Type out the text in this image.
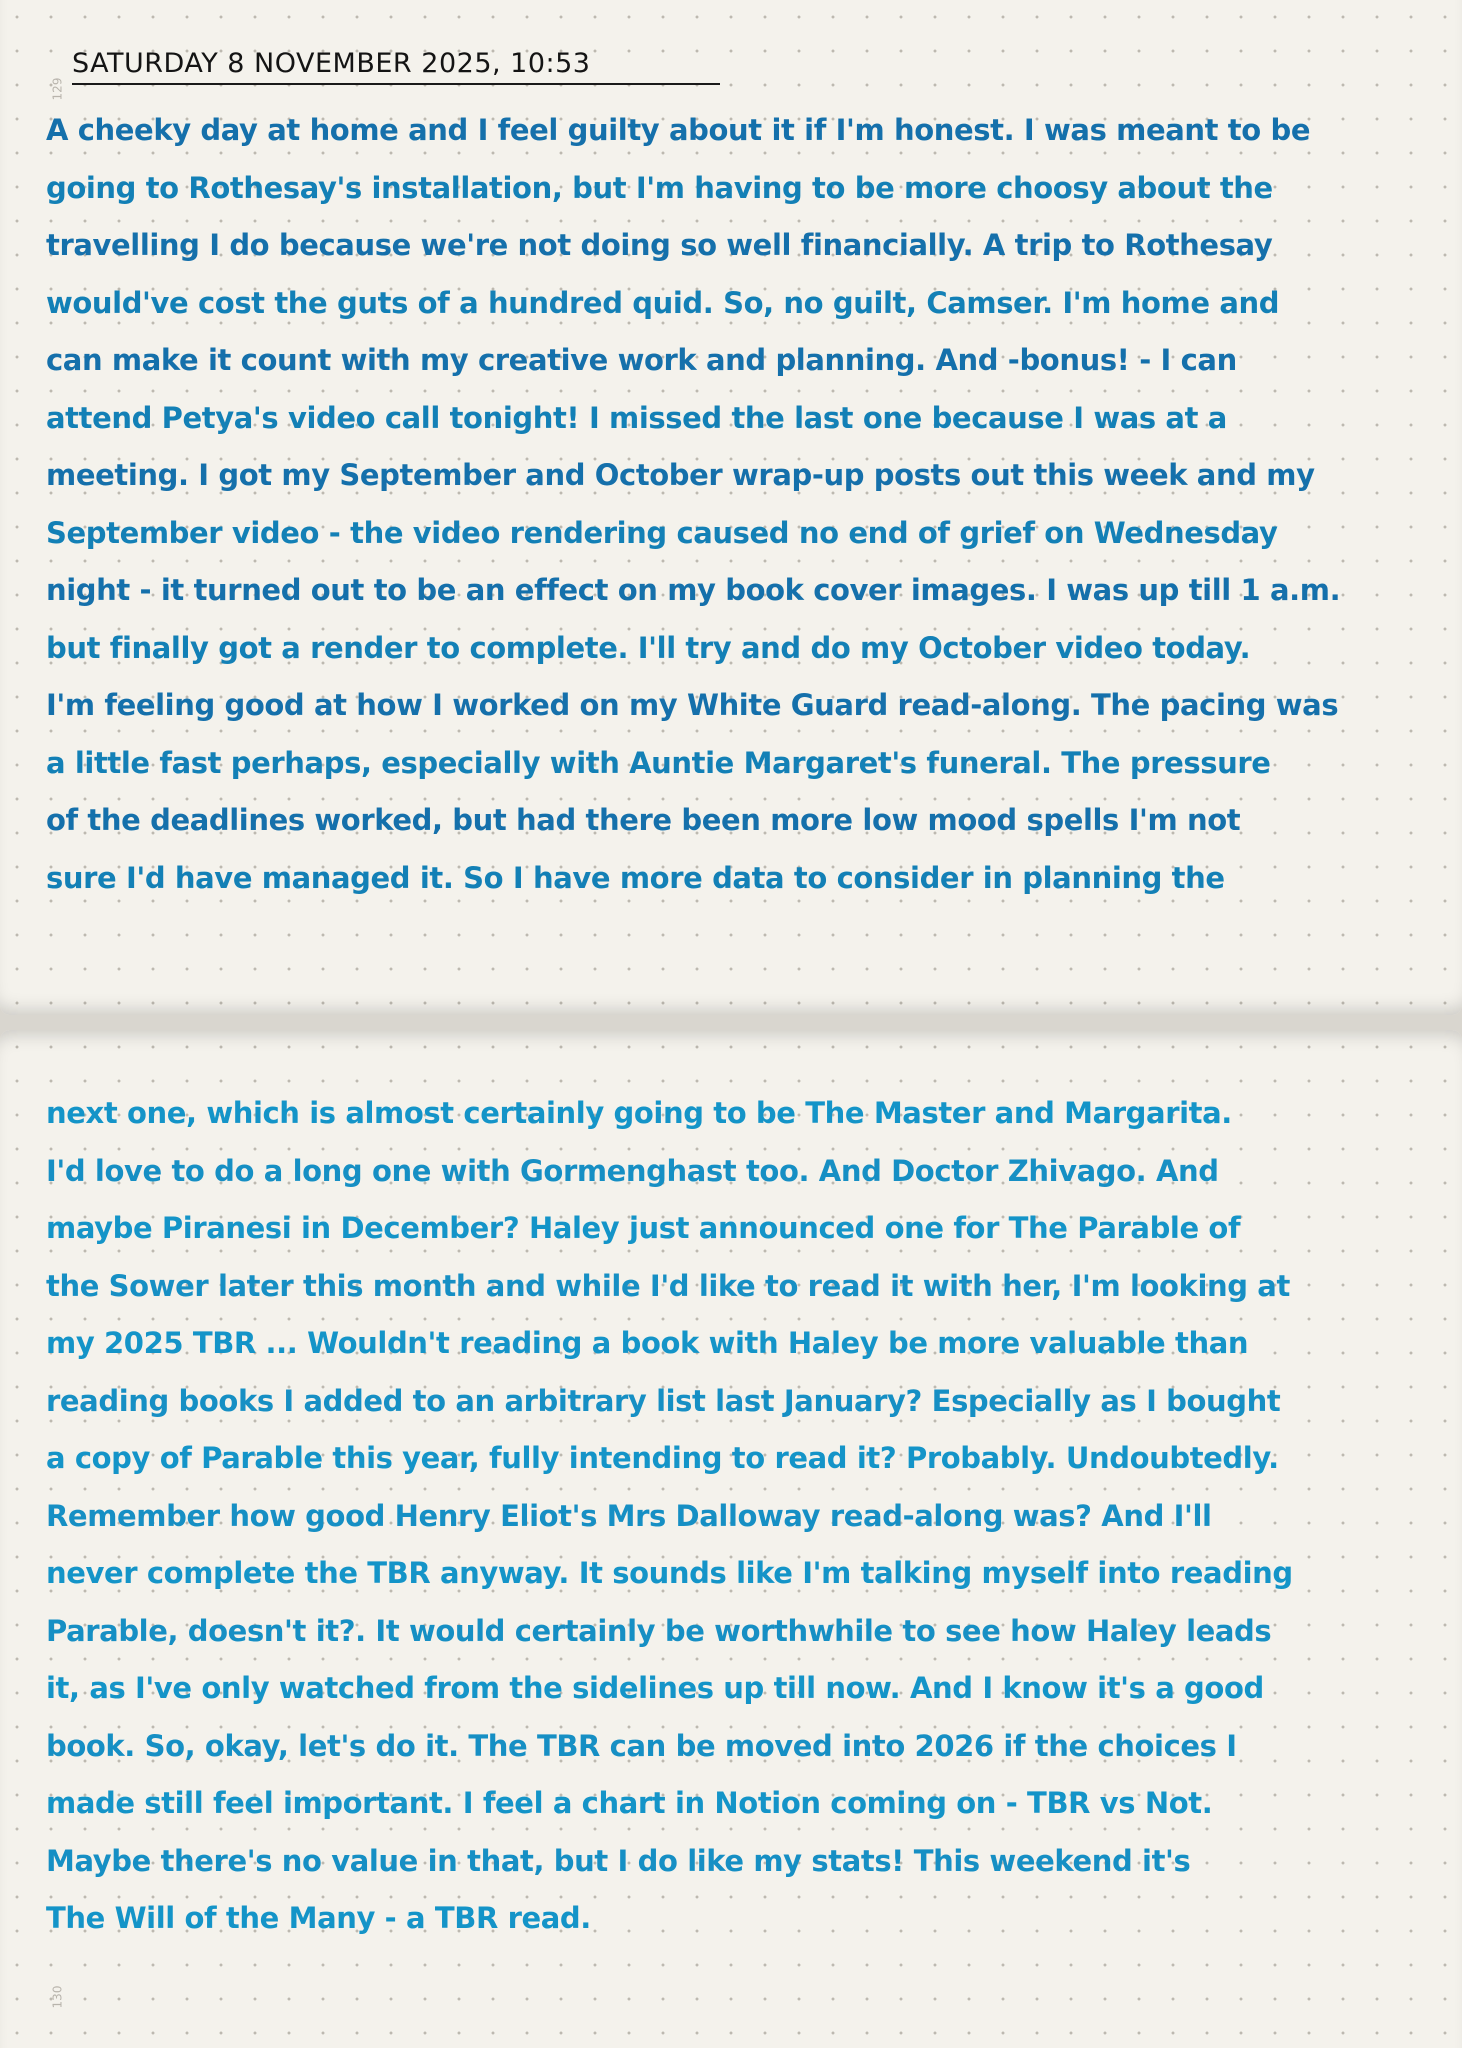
129
SATURDAY 8 NOVEMBER 2025, 10:53
A cheeky day at home and I feel guilty about it if I'm honest. I was meant to be
going to Rothesay's installation, but I'm having to be more choosy about the
travelling I do because we're not doing so well financially. A trip to Rothesay
would've cost the guts of a hundred quid. So, no guilt, Camser. I'm home and
can make it count with my creative work and planning. And -bonus! - I can
attend Petya's video call tonight! I missed the last one because I was at a
meeting. I got my September and October wrap-up posts out this week and my
September video - the video rendering caused no end of grief on Wednesday
night - it turned out to be an effect on my book cover images. I was up till 1 a.m.
but finally got a render to complete. I'll try and do my October video today.
I'm feeling good at how I worked on my White Guard read-along. The pacing was
a little fast perhaps, especially with Auntie Margaret's funeral. The pressure
of the deadlines worked, but had there been more low mood spells I'm not
sure I'd have managed it. So I have more data to consider in planning the
next one, which is almost certainly going to be The Master and Margarita.
I'd love to do a long one with Gormenghast too. And Doctor Zhivago. And
maybe Piranesi in December? Haley just announced one for The Parable of
the Sower later this month and while I'd like to read it with her, I'm looking at
my 2025 TBR ... Wouldn't reading a book with Haley be more valuable than
reading books I added to an arbitrary list last January? Especially as I bought
a copy of Parable this year, fully intending to read it? Probably. Undoubtedly.
Remember how good Henry Eliot's Mrs Dalloway read-along was? And I'll
never complete the TBR anyway. It sounds like I'm talking myself into reading
Parable, doesn't it?. It would certainly be worthwhile to see how Haley leads
it, as I've only watched from the sidelines up till now. And I know it's a good
book. So, okay, let's do it. The TBR can be moved into 2026 if the choices I
made still feel important. I feel a chart in Notion coming on - TBR vs Not.
Maybe there's no value in that, but I do like my stats! This weekend it's
The Will of the Many - a TBR read.
130
